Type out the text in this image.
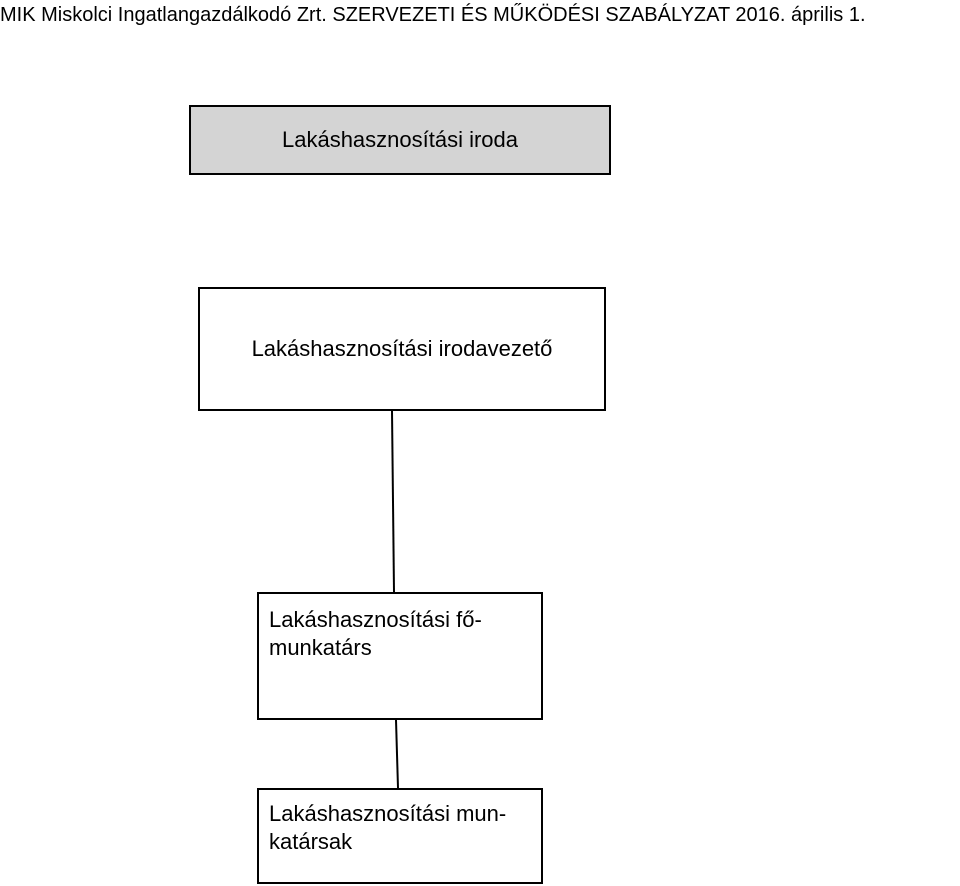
MIK Miskolci Ingatlangazdálkodó Zrt. SZERVEZETI ÉS MŰKÖDÉSI SZABÁLYZAT 2016. április 1.
Lakáshasznosítási iroda
Lakáshasznosítási irodavezető
Lakáshasznosítási fő-
munkatárs
Lakáshasznosítási mun-
katársak
